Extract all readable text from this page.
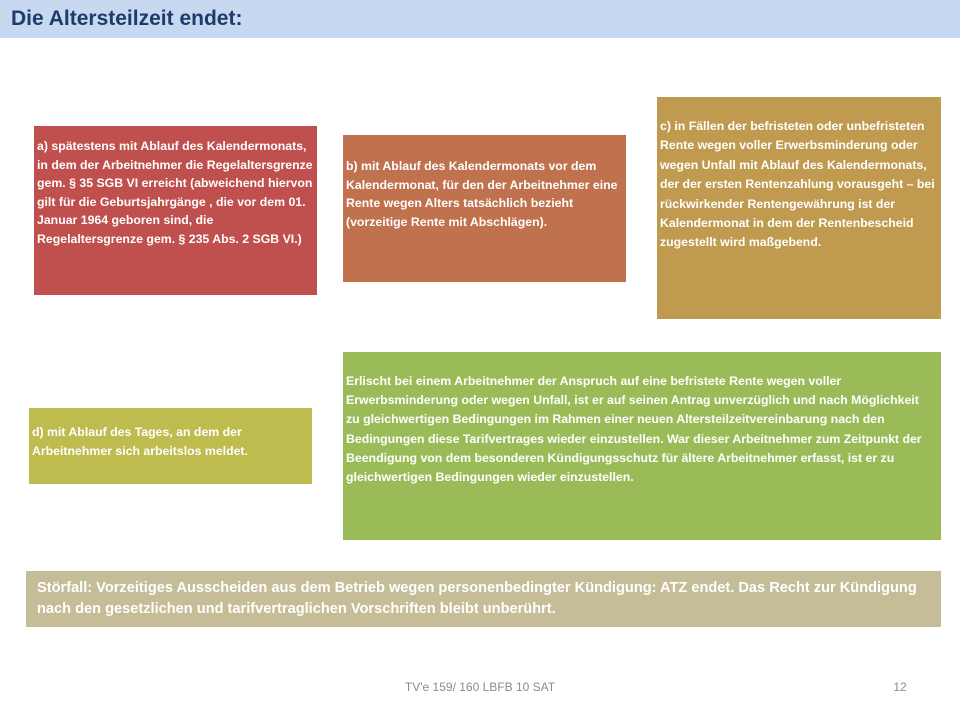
Die Altersteilzeit endet:
a) spätestens mit Ablauf des Kalendermonats, in dem der Arbeitnehmer die Regelaltersgrenze gem. § 35 SGB VI erreicht (abweichend hiervon gilt für die Geburtsjahrgänge , die vor dem 01. Januar 1964 geboren sind, die Regelaltersgrenze gem. § 235 Abs. 2 SGB VI.)
b) mit Ablauf des Kalendermonats vor dem Kalendermonat, für den der Arbeitnehmer eine Rente wegen Alters tatsächlich bezieht (vorzeitige Rente mit Abschlägen).
c) in Fällen der befristeten oder unbefristeten Rente wegen voller Erwerbsminderung oder wegen Unfall mit Ablauf des Kalendermonats, der der ersten Rentenzahlung vorausgeht – bei rückwirkender Rentengewährung ist der Kalendermonat in dem der Rentenbescheid zugestellt wird maßgebend.
d) mit Ablauf des Tages, an dem der Arbeitnehmer sich arbeitslos meldet.
Erlischt bei einem Arbeitnehmer der Anspruch auf eine befristete Rente wegen voller Erwerbsminderung oder wegen Unfall, ist er auf seinen Antrag unverzüglich und nach Möglichkeit zu gleichwertigen Bedingungen im Rahmen einer neuen Altersteilzeitvereinbarung nach den Bedingungen diese Tarifvertrages wieder einzustellen. War dieser Arbeitnehmer zum Zeitpunkt der Beendigung von dem besonderen Kündigungsschutz für ältere Arbeitnehmer erfasst, ist er zu gleichwertigen Bedingungen wieder einzustellen.
Störfall: Vorzeitiges Ausscheiden aus dem Betrieb wegen personenbedingter Kündigung: ATZ endet. Das Recht zur Kündigung nach den gesetzlichen und tarifvertraglichen Vorschriften bleibt unberührt.
TV'e 159/ 160 LBFB 10 SAT	12
